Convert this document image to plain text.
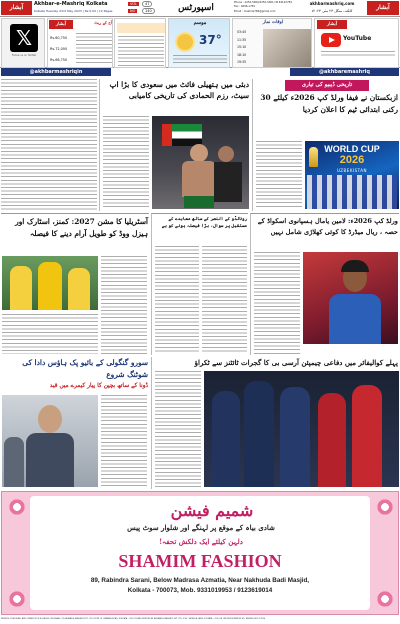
آبشار	Akhbar-e-Mashriq Kolkata
Kolkata Tuesday 23rd May 2023 | Rs.5.00 | 12 Pages
VOL	47
NO	140	اسپورٹس
Phone : 2252-5000/2252-5001/ 9163122784
Fax : 4066-1745
Email : mashriq786@gmail.com
akhbarmashriq.com
کلکتہ، منگل ۲۳ مئی ۲۰۲۳ء	آبشار مشرق
𝕏
Follow us on Twitter
آبشار	آج کے ریٹ
Rs.60,750
Rs.72,000
Rs.66,750
موسم
37°
اوقات نماز
03:45
11:35
15:10
18:10
19:35
آبشار
YouTube
@akhbarmashriqin	@akhbaremashriq
دبئی میں ہتھیلی فائٹ میں سعودی کا بڑا اپ سیٹ، رزم الحمادی کی تاریخی کامیابی
تاریخی ڈیبیو کی تیاری
ازبکستان نے فیفا ورلڈ کپ 2026ء کیلئے 30 رکنی ابتدائی ٹیم کا اعلان کردیا
WORLD CUP
2026
UZBEKISTAN
آسٹریلیا کا مشن 2027: کمنز، اسٹارک اور ہیزل ووڈ کو طویل آرام دینے کا فیصلہ
رونالڈو کے النصر کے ساتھ معاہدے کے مستقبل پر سوال، بڑا فیصلہ ہونے کو ہے
ورلڈ کپ 2026ء: لامین یامال ہسپانوی اسکواڈ کے حصہ ، ریال میڈرڈ کا کوئی کھلاڑی شامل نہیں
پہلے کوالیفائر میں دفاعی چیمپئن آرسی بی کا گجرات ٹائٹنز سے ٹکراؤ
سورو گنگولی کے بائیو پک ہاؤس دادا کی شوٹنگ شروع
ڈونا کے ساتھ بچپن کا پیار کیمرے میں قید
شمیم فیشن
شادی بیاہ کے موقع پر لہنگے اور شلوار سوٹ پیس
دلہن کیلئے ایک دلکش تحفہ!
SHAMIM FASHION
89, Rabindra Sarani, Below Madrasa Azmatia, Near Nakhuda Badi Masjid,
Kolkata - 700073, Mob. 9331019953 / 9123619014
PRINTED, PUBLISHED AND OWNED BY M.W. HAQUE ON BEHALF OF AKHBAR-E-MASHRIQ PVT. LTD. FROM 13, ZAKARIA ROAD, KOLKATA - 700 073 AND PRINTED AT AKHBAR-E-MASHRIQ PVT. LTD. 3/33, TALTALLA LANE, KOLKATA - 700 014. RNI REGISTRATION NO. WBURD/2011/37036
